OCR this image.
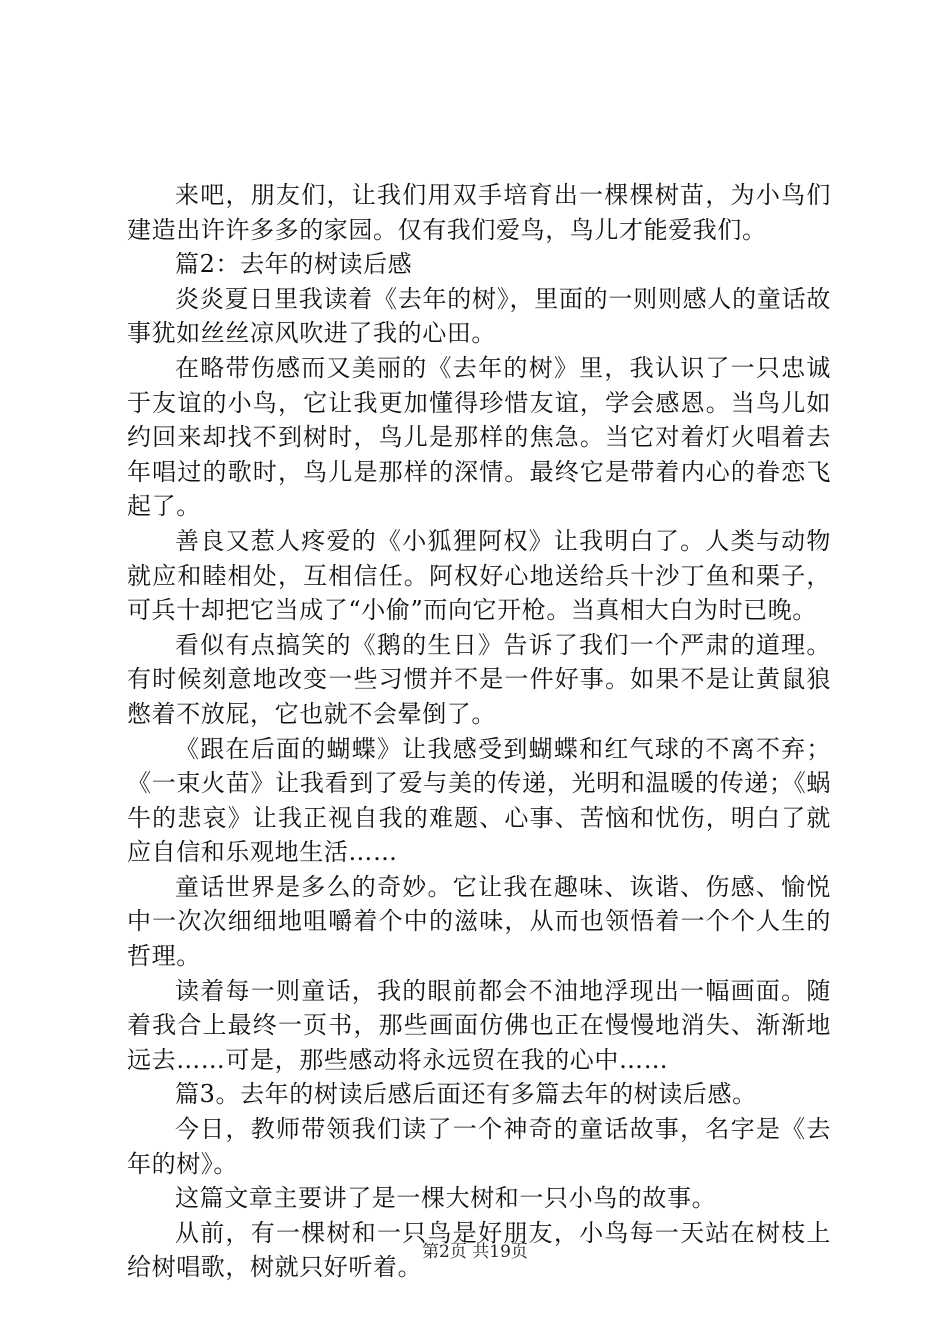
来吧，朋友们，让我们用双手培育出一棵棵树苗，为小鸟们建造出许许多多的家园。仅有我们爱鸟，鸟儿才能爱我们。

篇2：去年的树读后感

炎炎夏日里我读着《去年的树》，里面的一则则感人的童话故事犹如丝丝凉风吹进了我的心田。

在略带伤感而又美丽的《去年的树》里，我认识了一只忠诚于友谊的小鸟，它让我更加懂得珍惜友谊，学会感恩。当鸟儿如约回来却找不到树时，鸟儿是那样的焦急。当它对着灯火唱着去年唱过的歌时，鸟儿是那样的深情。最终它是带着内心的眷恋飞起了。

善良又惹人疼爱的《小狐狸阿权》让我明白了。人类与动物就应和睦相处，互相信任。阿权好心地送给兵十沙丁鱼和栗子，可兵十却把它当成了“小偷”而向它开枪。当真相大白为时已晚。

看似有点搞笑的《鹅的生日》告诉了我们一个严肃的道理。有时候刻意地改变一些习惯并不是一件好事。如果不是让黄鼠狼憋着不放屁，它也就不会晕倒了。

《跟在后面的蝴蝶》让我感受到蝴蝶和红气球的不离不弃；《一束火苗》让我看到了爱与美的传递，光明和温暖的传递；《蜗牛的悲哀》让我正视自我的难题、心事、苦恼和忧伤，明白了就应自信和乐观地生活……

童话世界是多么的奇妙。它让我在趣味、诙谐、伤感、愉悦中一次次细细地咀嚼着个中的滋味，从而也领悟着一个个人生的哲理。

读着每一则童话，我的眼前都会不油地浮现出一幅画面。随着我合上最终一页书，那些画面仿佛也正在慢慢地消失、渐渐地远去……可是，那些感动将永远贸在我的心中……

篇3。去年的树读后感后面还有多篇去年的树读后感。

今日，教师带领我们读了一个神奇的童话故事，名字是《去年的树》。

这篇文章主要讲了是一棵大树和一只小鸟的故事。

从前，有一棵树和一只鸟是好朋友，小鸟每一天站在树枝上给树唱歌，树就只好听着。

第2页 共19页
